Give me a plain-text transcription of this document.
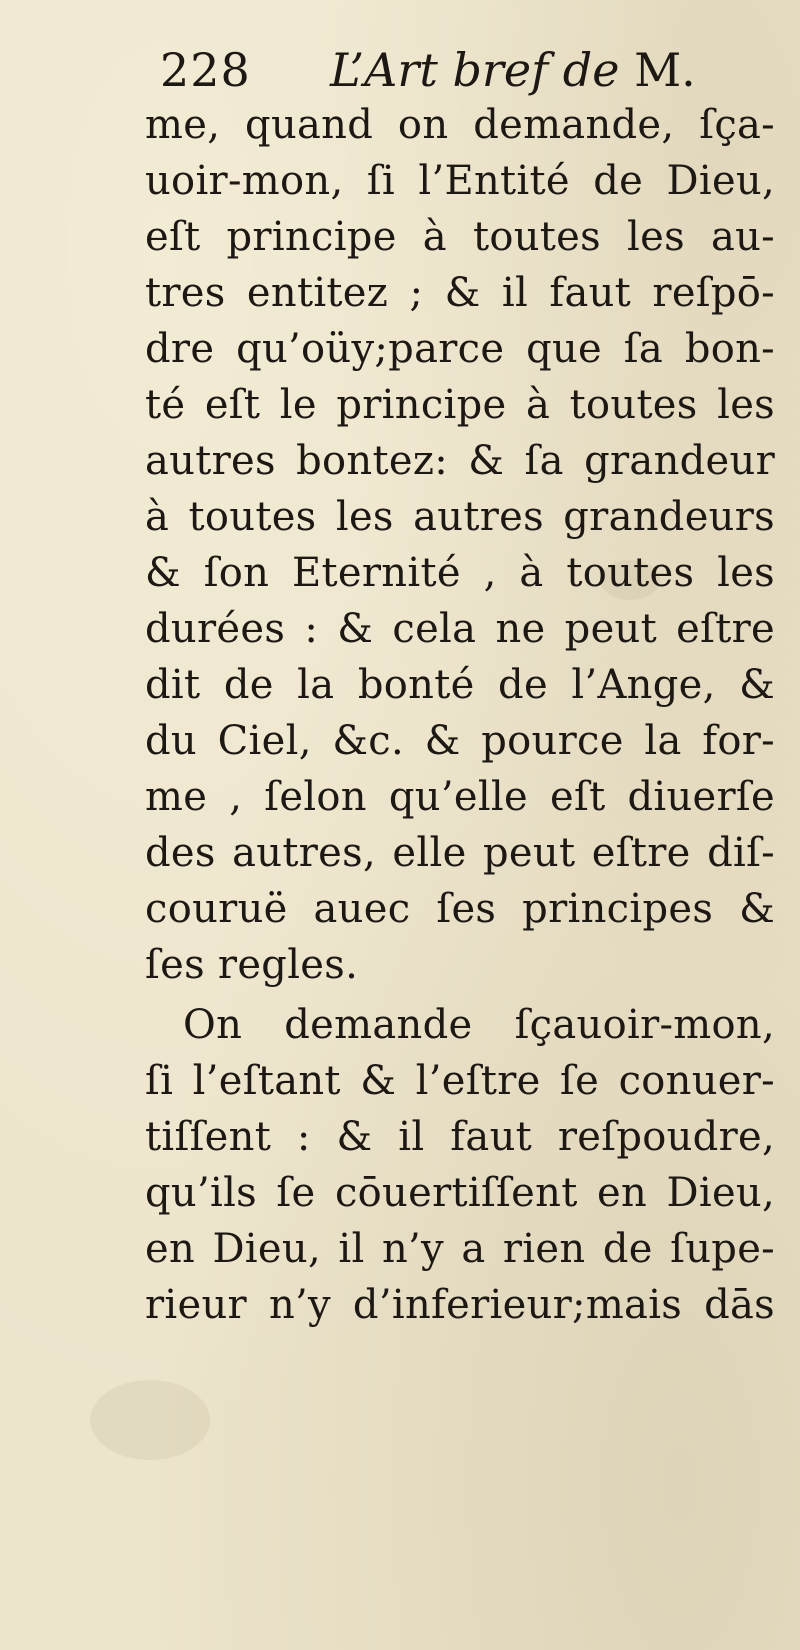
228 L’Art bref de M.
me, quand on demande, ſça-
uoir-mon, ſi l’Entité de Dieu,
eſt principe à toutes les au-
tres entitez ; & il faut reſpō-
dre qu’oüy;parce que ſa bon-
té eſt le principe à toutes les
autres bontez: & ſa grandeur
à toutes les autres grandeurs
& ſon Eternité , à toutes les
durées : & cela ne peut eſtre
dit de la bonté de l’Ange, &
du Ciel, &c. & pource la for-
me , ſelon qu’elle eſt diuerſe
des autres, elle peut eſtre diſ-
couruë auec ſes principes &
ſes regles.
On demande ſçauoir-mon,
ſi l’eſtant & l’eſtre ſe conuer-
tiſſent : & il faut reſpoudre,
qu’ils ſe cōuertiſſent en Dieu,
en Dieu, il n’y a rien de ſupe-
rieur n’y d’inferieur;mais dās
